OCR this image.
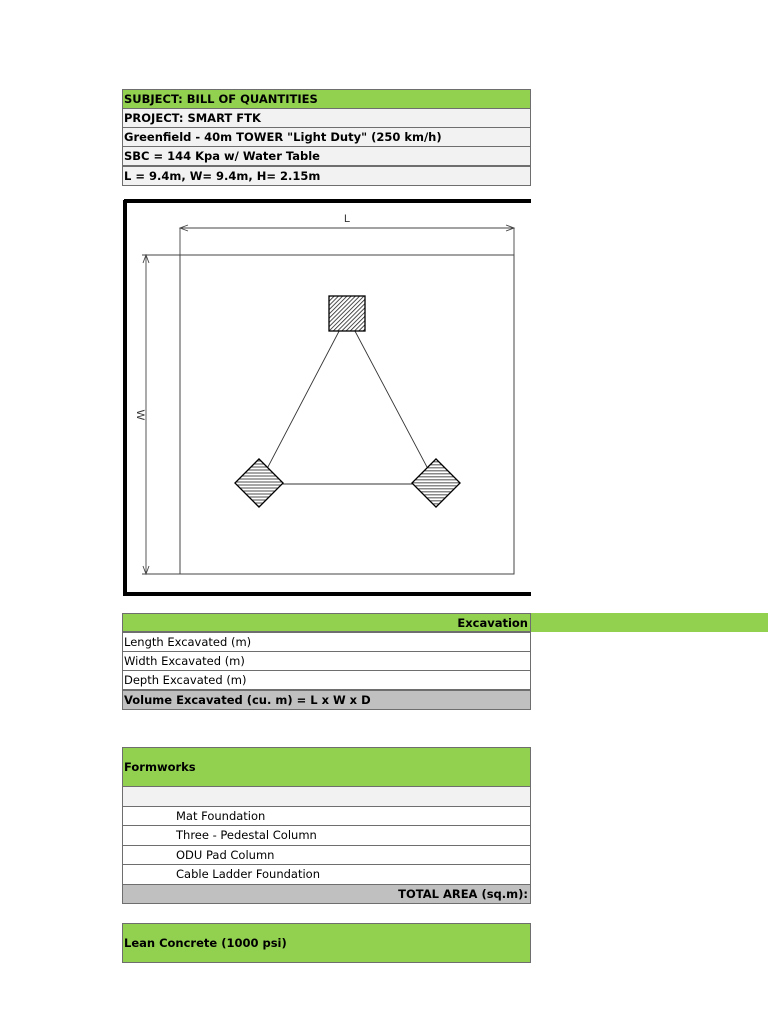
SUBJECT: BILL OF QUANTITIES
PROJECT: SMART FTK
Greenfield - 40m TOWER "Light Duty" (250 km/h)
SBC = 144 Kpa w/ Water Table
L = 9.4m, W= 9.4m, H= 2.15m
L
W
Excavation
Length Excavated (m)
Width Excavated (m)
Depth Excavated (m)
Volume Excavated (cu. m) = L x W x D
Formworks
Mat Foundation
Three - Pedestal Column
ODU Pad Column
Cable Ladder Foundation
TOTAL AREA (sq.m):
Lean Concrete (1000 psi)
